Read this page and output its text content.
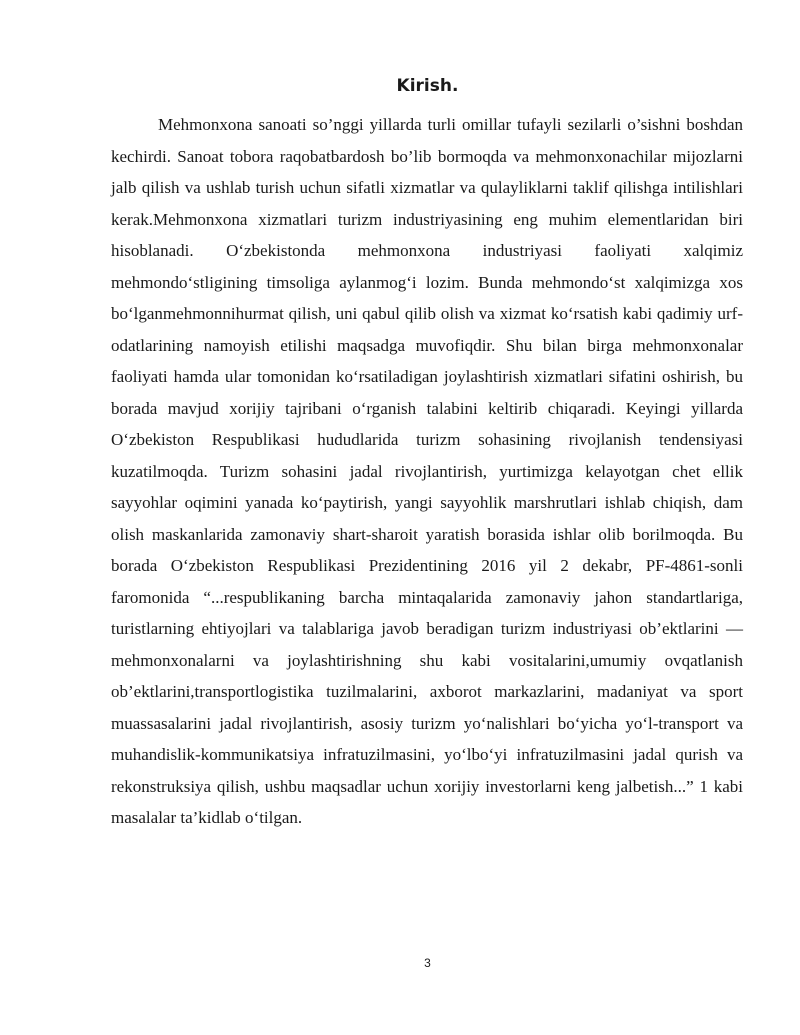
Kirish.

Mehmonxona sanoati so’nggi yillarda turli omillar tufayli sezilarli o’sishni boshdan kechirdi. Sanoat tobora raqobatbardosh bo’lib bormoqda va mehmonxonachilar mijozlarni jalb qilish va ushlab turish uchun sifatli xizmatlar va qulayliklarni taklif qilishga intilishlari kerak.Mehmonxona xizmatlari turizm industriyasining eng muhim elementlaridan biri hisoblanadi. O‘zbekistonda mehmonxona industriyasi faoliyati xalqimiz mehmondo‘stligining timsoliga aylanmog‘i lozim. Bunda mehmondo‘st xalqimizga xos bo‘lganmehmonnihurmat qilish, uni qabul qilib olish va xizmat ko‘rsatish kabi qadimiy urf-odatlarining namoyish etilishi maqsadga muvofiqdir. Shu bilan birga mehmonxonalar faoliyati hamda ular tomonidan ko‘rsatiladigan joylashtirish xizmatlari sifatini oshirish, bu borada mavjud xorijiy tajribani o‘rganish talabini keltirib chiqaradi. Keyingi yillarda O‘zbekiston Respublikasi hududlarida turizm sohasining rivojlanish tendensiyasi kuzatilmoqda. Turizm sohasini jadal rivojlantirish, yurtimizga kelayotgan chet ellik sayyohlar oqimini yanada ko‘paytirish, yangi sayyohlik marshrutlari ishlab chiqish, dam olish maskanlarida zamonaviy shart-sharoit yaratish borasida ishlar olib borilmoqda. Bu borada O‘zbekiston Respublikasi Prezidentining 2016 yil 2 dekabr, PF-4861-sonli faromonida “...respublikaning barcha mintaqalarida zamonaviy jahon standartlariga, turistlarning ehtiyojlari va talablariga javob beradigan turizm industriyasi ob’ektlarini — mehmonxonalarni va joylashtirishning shu kabi vositalarini,umumiy ovqatlanish ob’ektlarini,transportlogistika tuzilmalarini, axborot markazlarini, madaniyat va sport muassasalarini jadal rivojlantirish, asosiy turizm yo‘nalishlari bo‘yicha yo‘l-transport va muhandislik-kommunikatsiya infratuzilmasini, yo‘lbo‘yi infratuzilmasini jadal qurish va rekonstruksiya qilish, ushbu maqsadlar uchun xorijiy investorlarni keng jalbetish...” 1 kabi masalalar ta’kidlab o‘tilgan.

3
